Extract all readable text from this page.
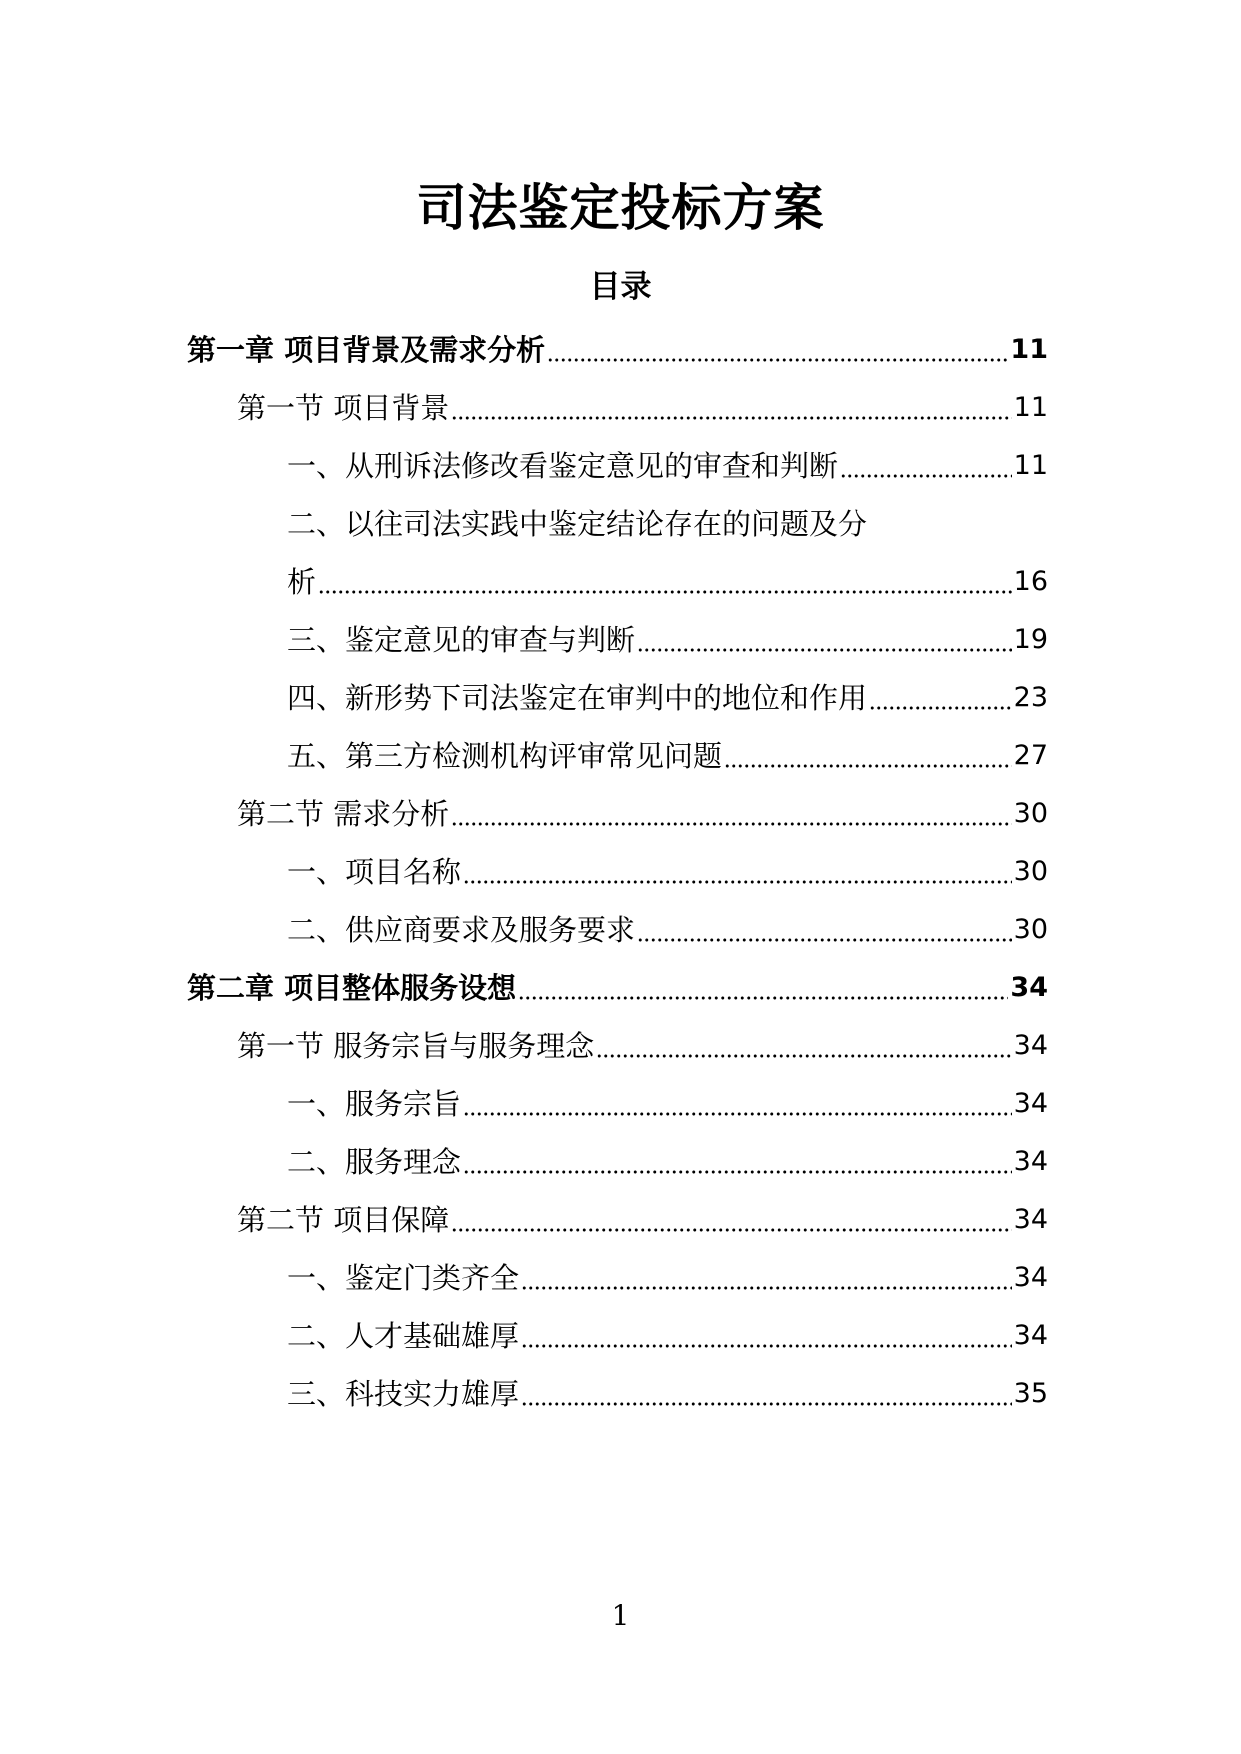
司法鉴定投标方案
目录
第一章 项目背景及需求分析	11
第一节 项目背景	11
一、从刑诉法修改看鉴定意见的审查和判断	11
二、以往司法实践中鉴定结论存在的问题及分
析	16
三、鉴定意见的审查与判断	19
四、新形势下司法鉴定在审判中的地位和作用	23
五、第三方检测机构评审常见问题	27
第二节 需求分析	30
一、项目名称	30
二、供应商要求及服务要求	30
第二章 项目整体服务设想	34
第一节 服务宗旨与服务理念	34
一、服务宗旨	34
二、服务理念	34
第二节 项目保障	34
一、鉴定门类齐全	34
二、人才基础雄厚	34
三、科技实力雄厚	35
1
